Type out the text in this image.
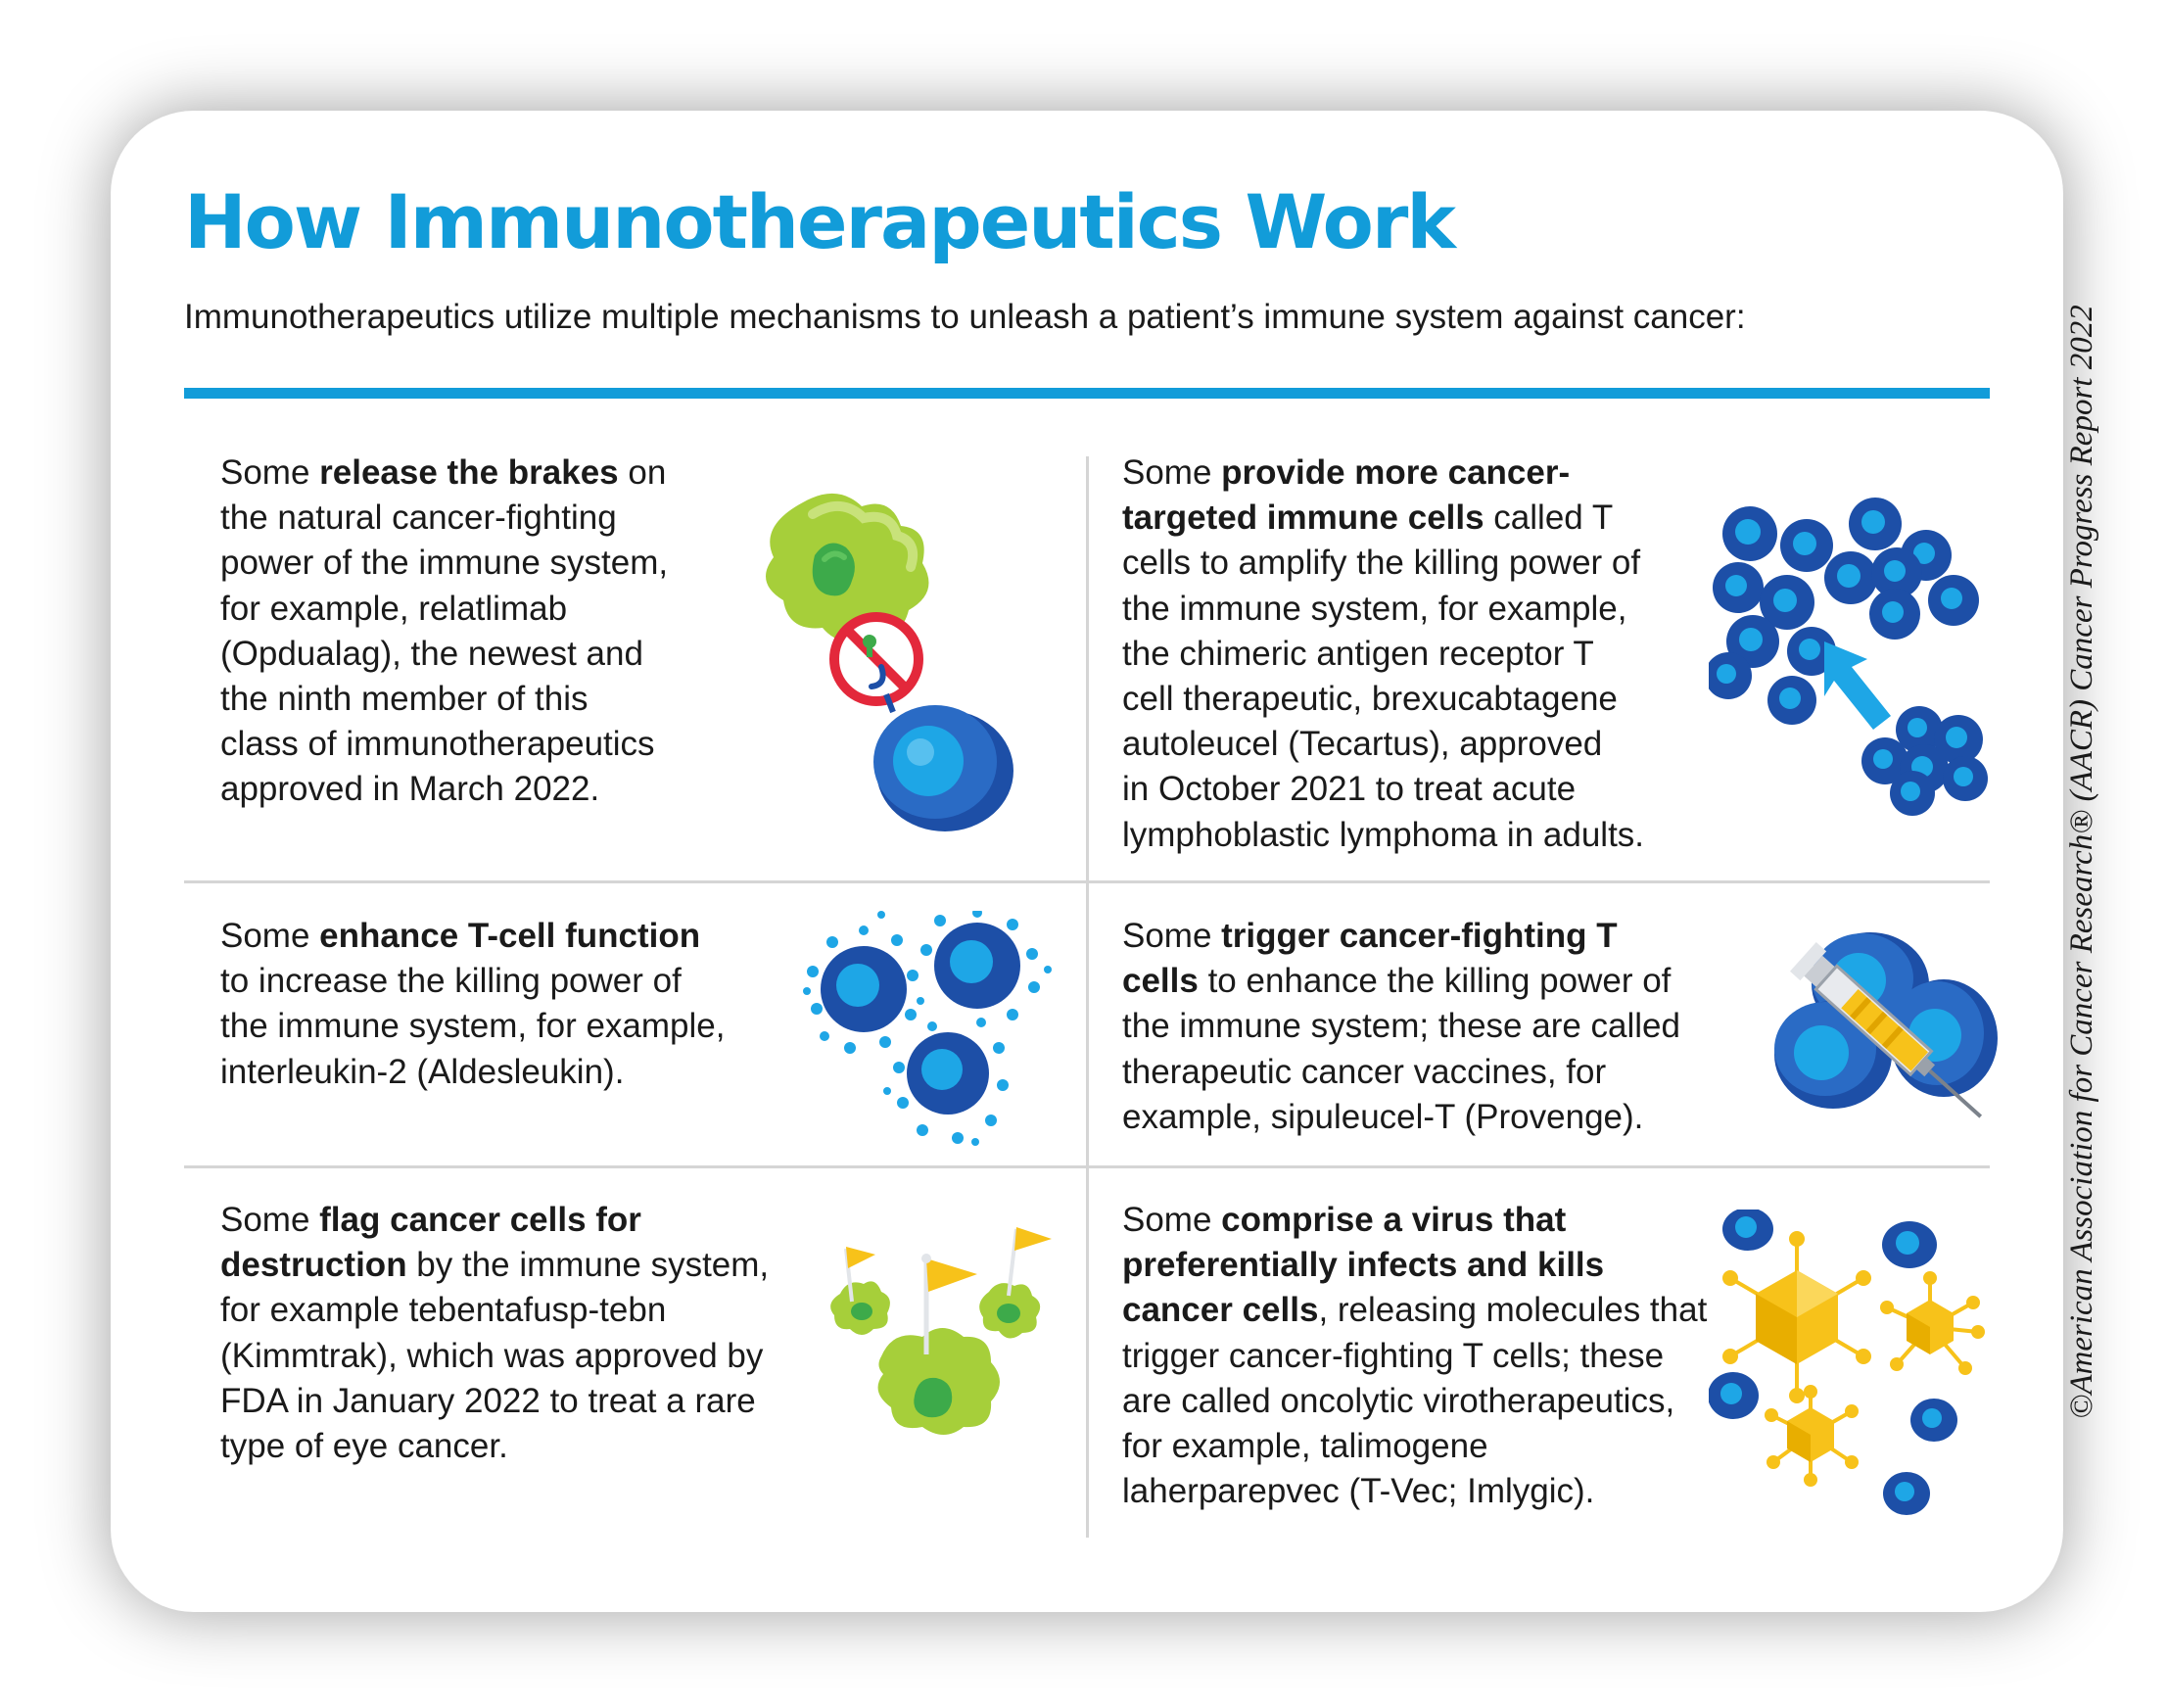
How Immunotherapeutics Work

Immunotherapeutics utilize multiple mechanisms to unleash a patient’s immune system against cancer:

Some release the brakes on
the natural cancer-fighting
power of the immune system,
for example, relatlimab
(Opdualag), the newest and
the ninth member of this
class of immunotherapeutics
approved in March 2022.

Some provide more cancer-
targeted immune cells called T
cells to amplify the killing power of
the immune system, for example,
the chimeric antigen receptor T
cell therapeutic, brexucabtagene
autoleucel (Tecartus), approved
in October 2021 to treat acute
lymphoblastic lymphoma in adults.

Some enhance T-cell function
to increase the killing power of
the immune system, for example,
interleukin-2 (Aldesleukin).

Some trigger cancer-fighting T
cells to enhance the killing power of
the immune system; these are called
therapeutic cancer vaccines, for
example, sipuleucel-T (Provenge).

Some flag cancer cells for
destruction by the immune system,
for example tebentafusp-tebn
(Kimmtrak), which was approved by
FDA in January 2022 to treat a rare
type of eye cancer.

Some comprise a virus that
preferentially infects and kills
cancer cells, releasing molecules that
trigger cancer-fighting T cells; these
are called oncolytic virotherapeutics,
for example, talimogene
laherparepvec (T-Vec; Imlygic).

©American Association for Cancer Research® (AACR) Cancer Progress Report 2022
